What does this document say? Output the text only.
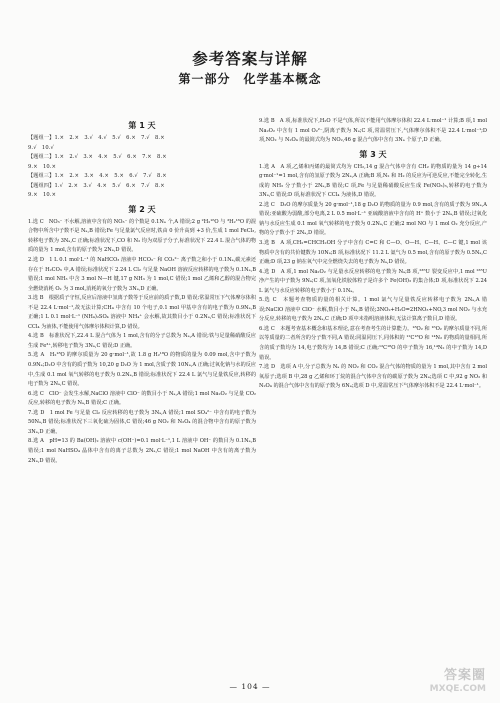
参考答案与详解
第一部分　化学基本概念
第 1 天

【题组一】1.×　2.×　3.√　4.√　5.√　6.×　7.√　8.×

9.√　10.√

【题组二】1.×　2.√　3.×　4.×　5.√　6.×　7.×　8.×

9.×　10.×

【题组三】1.×　2.×　3.×　4.×　5.×　6.√　7.√　8.×

【题组四】1.√　2.×　3.√　4.×　5.√　6.×　7.√　8.×

9.×　10.×

第 2 天

1.选 C　NO₃⁻ 不水解,溶液中含有的 NO₃⁻ 的个数是 0.1Nₐ 个,A 错误;2 g ²H₂¹⁶O 与 ³H₂¹⁶O 的混合物中所含中子数不是 Nₐ,B 错误;Fe 与足量氯气反应时,铁由 0 价升高到 +3 价,生成 1 mol FeCl₃,转移电子数为 3Nₐ,C 正确;标准状况下,CO 和 N₂ 均为双原子分子,标准状况下 22.4 L 混合气体的物质的量为 1 mol,含有的原子数为 2Nₐ,D 错误。

2.选 D　1 L 0.1 mol·L⁻¹ 的 NaHCO₃ 溶液中 HCO₃⁻ 和 CO₃²⁻ 离子数之和小于 0.1Nₐ,碳元素还存在于 H₂CO₃ 中,A 错误;标准状况下 2.24 L Cl₂ 与足量 NaOH 溶液反应转移的电子数为 0.1Nₐ,B 错误;1 mol NH₃ 中含 3 mol N—H 键,17 g NH₃ 为 1 mol,C 错误;1 mol 乙烯和乙醇的混合物完全燃烧消耗 O₂ 为 3 mol,消耗的氧分子数为 3Nₐ,D 正确。

3.选 B　根据质子守恒,反应后溶液中氢离子数等于反应前的质子数,D 错误;常温常压下气体摩尔体积不是 22.4 L·mol⁻¹,故无法计算;CH₄ 中含有 10 个电子,0.1 mol 甲基中含有的电子数为 0.9Nₐ,B 正确;1 L 0.1 mol·L⁻¹ (NH₄)₂SO₄ 溶液中 NH₄⁺ 会水解,故其数目小于 0.2Nₐ,C 错误;标准状况下 CCl₄ 为液体,不能使用气体摩尔体积计算,D 错误。

4.选 B　标准状况下,22.4 L 混合气体为 1 mol,含有的分子总数为 Nₐ,A 错误;铁与足量稀硝酸反应生成 Fe³⁺,转移电子数为 3Nₐ,C 错误;D 正确。

5.选 A　H₂¹⁸O 的摩尔质量为 20 g·mol⁻¹,故 1.8 g H₂¹⁸O 的物质的量为 0.09 mol,含中子数为 0.9Nₐ;D₂O 中含有的质子数为 10,20 g D₂O 为 1 mol,含质子数 10Nₐ,A 正确;过氧化钠与水的反应中,生成 0.1 mol 氧气转移的电子数为 0.2Nₐ,B 错误;标准状况下 22.4 L 氯气与足量铁反应,转移的电子数为 2Nₐ,C 错误。

6.选 C　ClO⁻ 会发生水解,NaClO 溶液中 ClO⁻ 的数目小于 Nₐ,A 错误;1 mol Na₂O₂ 与足量 CO₂ 反应,转移的电子数为 Nₐ,B 错误;C 正确。

7.选 D　1 mol Fe 与足量 Cl₂ 反应转移的电子数为 3Nₐ,A 错误;1 mol SO₄²⁻ 中含有的电子数为 50Nₐ,B 错误;标准状况下三氧化硫为固体,C 错误;46 g NO₂ 和 N₂O₄ 的混合物中含有的原子数为 3Nₐ,D 正确。

8.选 A　pH=13 的 Ba(OH)₂ 溶液中 c(OH⁻)=0.1 mol·L⁻¹,1 L 溶液中 OH⁻ 的数目为 0.1Nₐ,B 错误;1 mol NaHSO₄ 晶体中含有的离子总数为 2Nₐ,C 错误;1 mol NaOH 中含有的离子数为 2Nₐ,D 错误。

9.选 B　A 项,标准状况下,H₂O 不是气体,所以不能用气体摩尔体积 22.4 L·mol⁻¹ 计算;B 项,1 mol Na₂O₂ 中含有 1 mol O₂²⁻,阴离子数为 Nₐ;C 项,常温常压下,气体摩尔体积不是 22.4 L·mol⁻¹;D 项,NO₂ 与 N₂O₄ 的最简式均为 NO₂,46 g 混合气体中含有 3Nₐ 个原子,D 正确。

第 3 天

1.选 A　A 项,乙烯和丙烯的最简式均为 CH₂,14 g 混合气体中含有 CH₂ 的物质的量为 14 g÷14 g·mol⁻¹=1 mol,含有的氢原子数为 2Nₐ,A 正确;B 项,N₂ 和 H₂ 的反应为可逆反应,不能完全转化,生成的 NH₃ 分子数小于 2Nₐ,B 错误;C 项,Fe 与足量稀硝酸反应生成 Fe(NO₃)₃,转移的电子数为 3Nₐ,C 错误;D 项,标准状况下 CCl₄ 为液体,D 错误。

2.选 C　D₂O 的摩尔质量为 20 g·mol⁻¹,18 g D₂O 的物质的量为 0.9 mol,含有的质子数为 9Nₐ,A 错误;亚硫酸为弱酸,部分电离,2 L 0.5 mol·L⁻¹ 亚硫酸溶液中含有的 H⁺ 数小于 2Nₐ,B 错误;过氧化钠与水反应生成 0.1 mol 氧气转移的电子数为 0.2Nₐ,C 正确;2 mol NO 与 1 mol O₂ 充分反应,产物的分子数小于 2Nₐ,D 错误。

3.选 B　A 项,CH₂=CHCH₂OH 分子中含有 C=C 和 C—O、O—H、C—H、C—C 键,1 mol 该物质中含有的共价键数为 10Nₐ;B 项,标准状况下 11.2 L 氦气为 0.5 mol,含有的原子数为 0.5Nₐ,C 正确;D 项,23 g 钠在氧气中完全燃烧失去的电子数为 Nₐ,D 错误。

4.选 D　A 项,1 mol Na₂O₂ 与足量水反应转移的电子数为 Nₐ;B 项,²³⁵U 裂变反应中,1 mol ²³⁵U 净产生的中子数为 9Nₐ;C 项,氢氧化铁胶体粒子是许多个 Fe(OH)₃ 的集合体;D 项,标准状况下 2.24 L 氯气与水反应转移的电子数小于 0.1Nₐ。

5.选 C　本题考查物质的量的相关计算。1 mol 氯气与足量铁反应转移电子数为 2Nₐ,A 错误;NaClO 溶液中 ClO⁻ 水解,数目小于 Nₐ,B 错误;3NO₂+H₂O=2HNO₃+NO,3 mol NO₂ 与水充分反应,转移的电子数为 2Nₐ,C 正确;D 项中未指明溶液体积,无法计算离子数目,D 错误。

6.选 C　本题考查基本概念和基本理论,意在考查考生的计算能力。¹⁸O₂ 和 ¹⁶O₂ 的摩尔质量不同,所以等质量的二者所含的分子数不同,A 错误;同温同压下,同体积的 ¹²C¹⁸O 和 ¹⁴N₂ 的物质的量相同,所含的质子数均为 14,电子数均为 14,B 错误;C 正确;¹²C¹⁸O 的中子数为 16,¹⁴N₂ 的中子数为 14,D 错误。

7.选 D　选项 A 中,分子总数为 Nₐ 的 NO₂ 和 CO₂ 混合气体的物质的量为 1 mol,其中含有 2 mol 氧原子;选项 B 中,28 g 乙烯和环丁烷的混合气体中含有的碳原子数为 2Nₐ;选项 C 中,92 g NO₂ 和 N₂O₄ 的混合气体中含有的原子数为 6Nₐ;选项 D 中,常温常压下气体摩尔体积不是 22.4 L·mol⁻¹。

— 104 —
答案圈
MXQE.COM
